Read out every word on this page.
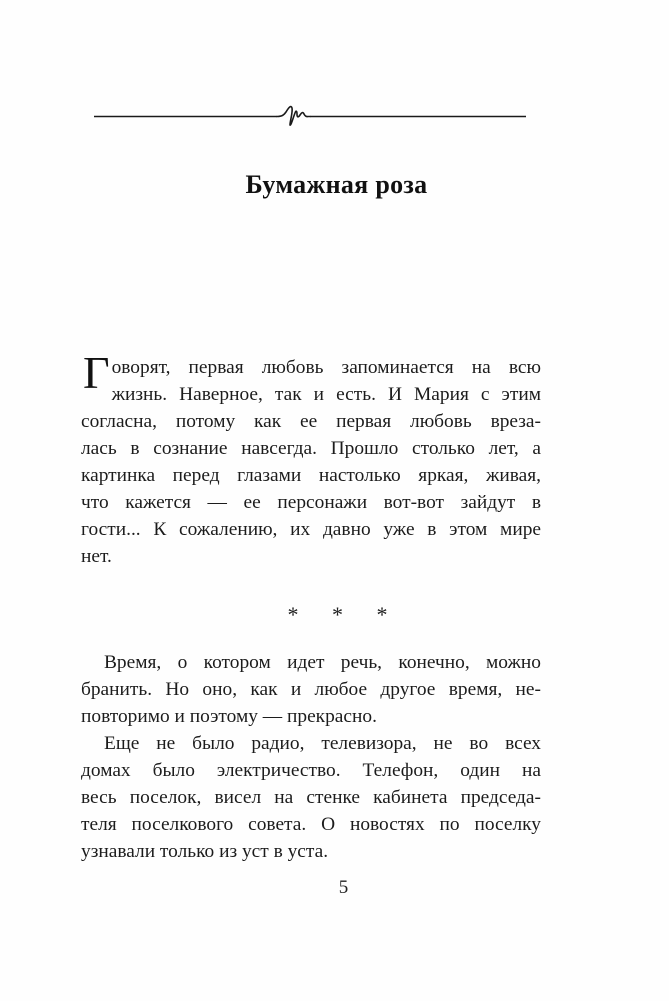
Бумажная роза

Г оворят, первая любовь запоминается на всю
жизнь. Наверное, так и есть. И Мария с этим
согласна, потому как ее первая любовь вреза-
лась в сознание навсегда. Прошло столько лет, а
картинка перед глазами настолько яркая, живая,
что кажется — ее персонажи вот-вот зайдут в
гости... К сожалению, их давно уже в этом мире
нет.

* * *

Время, о котором идет речь, конечно, можно
бранить. Но оно, как и любое другое время, не-
повторимо и поэтому — прекрасно.

Еще не было радио, телевизора, не во всех
домах было электричество. Телефон, один на
весь поселок, висел на стенке кабинета председа-
теля поселкового совета. О новостях по поселку
узнавали только из уст в уста.

5
